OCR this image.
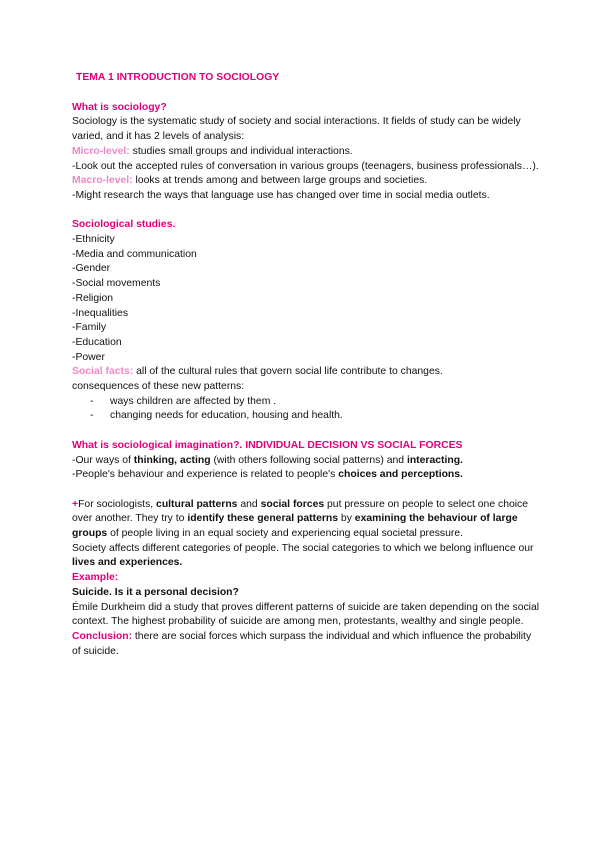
TEMA 1 INTRODUCTION TO SOCIOLOGY
What is sociology?

Sociology is the systematic study of society and social interactions. It fields of study can be widely varied, and it has 2 levels of analysis:

Micro-level: studies small groups and individual interactions.

-Look out the accepted rules of conversation in various groups (teenagers, business professionals…).

Macro-level: looks at trends among and between large groups and societies.

-Might research the ways that language use has changed over time in social media outlets.

Sociological studies.
-Ethnicity
-Media and communication
-Gender
-Social movements
-Religion
-Inequalities
-Family
-Education
-Power

Social facts: all of the cultural rules that govern social life contribute to changes.

consequences of these new patterns:

- ways children are affected by them .
- changing needs for education, housing and health.
What is sociological imagination?. INDIVIDUAL DECISION VS SOCIAL FORCES

-Our ways of thinking, acting (with others following social patterns) and interacting.

-People's behaviour and experience is related to people's choices and perceptions.

+For sociologists, cultural patterns and social forces put pressure on people to select one choice over another. They try to identify these general patterns by examining the behaviour of large groups of people living in an equal society and experiencing equal societal pressure.

Society affects different categories of people. The social categories to which we belong influence our lives and experiences.

Example:
Suicide. Is it a personal decision?

Émile Durkheim did a study that proves different patterns of suicide are taken depending on the social context. The highest probability of suicide are among men, protestants, wealthy and single people.

Conclusion: there are social forces which surpass the individual and which influence the probability of suicide.
